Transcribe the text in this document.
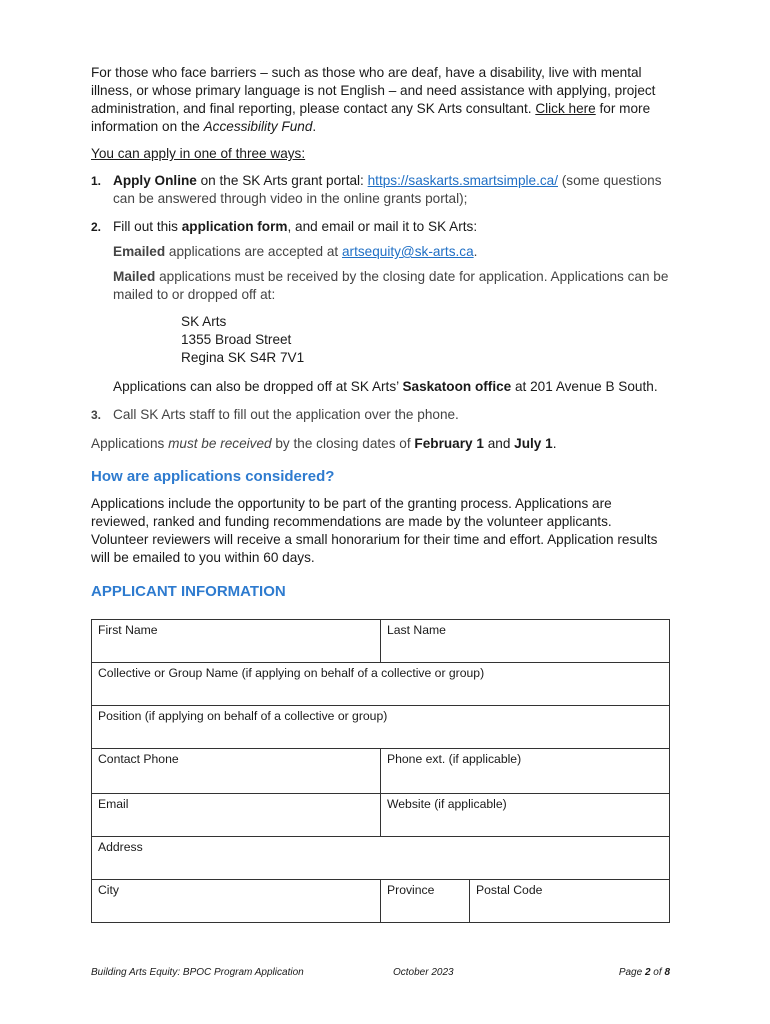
For those who face barriers – such as those who are deaf, have a disability, live with mental illness, or whose primary language is not English – and need assistance with applying, project administration, and final reporting, please contact any SK Arts consultant. Click here for more information on the Accessibility Fund.

You can apply in one of three ways:

1. Apply Online on the SK Arts grant portal: https://saskarts.smartsimple.ca/ (some questions can be answered through video in the online grants portal);
2. Fill out this application form, and email or mail it to SK Arts:

Emailed applications are accepted at artsequity@sk-arts.ca.

Mailed applications must be received by the closing date for application. Applications can be mailed to or dropped off at:

SK Arts
1355 Broad Street
Regina SK S4R 7V1

Applications can also be dropped off at SK Arts’ Saskatoon office at 201 Avenue B South.

3. Call SK Arts staff to fill out the application over the phone.

Applications must be received by the closing dates of February 1 and July 1.

How are applications considered?

Applications include the opportunity to be part of the granting process. Applications are reviewed, ranked and funding recommendations are made by the volunteer applicants. Volunteer reviewers will receive a small honorarium for their time and effort. Application results will be emailed to you within 60 days.

APPLICANT INFORMATION
First Name	Last Name	
Collective or Group Name (if applying on behalf of a collective or group)		
Position (if applying on behalf of a collective or group)		
Contact Phone	Phone ext. (if applicable)	
Email	Website (if applicable)	
Address		
City	Province	Postal Code
Building Arts Equity: BPOC Program Application	October 2023	Page 2 of 8
